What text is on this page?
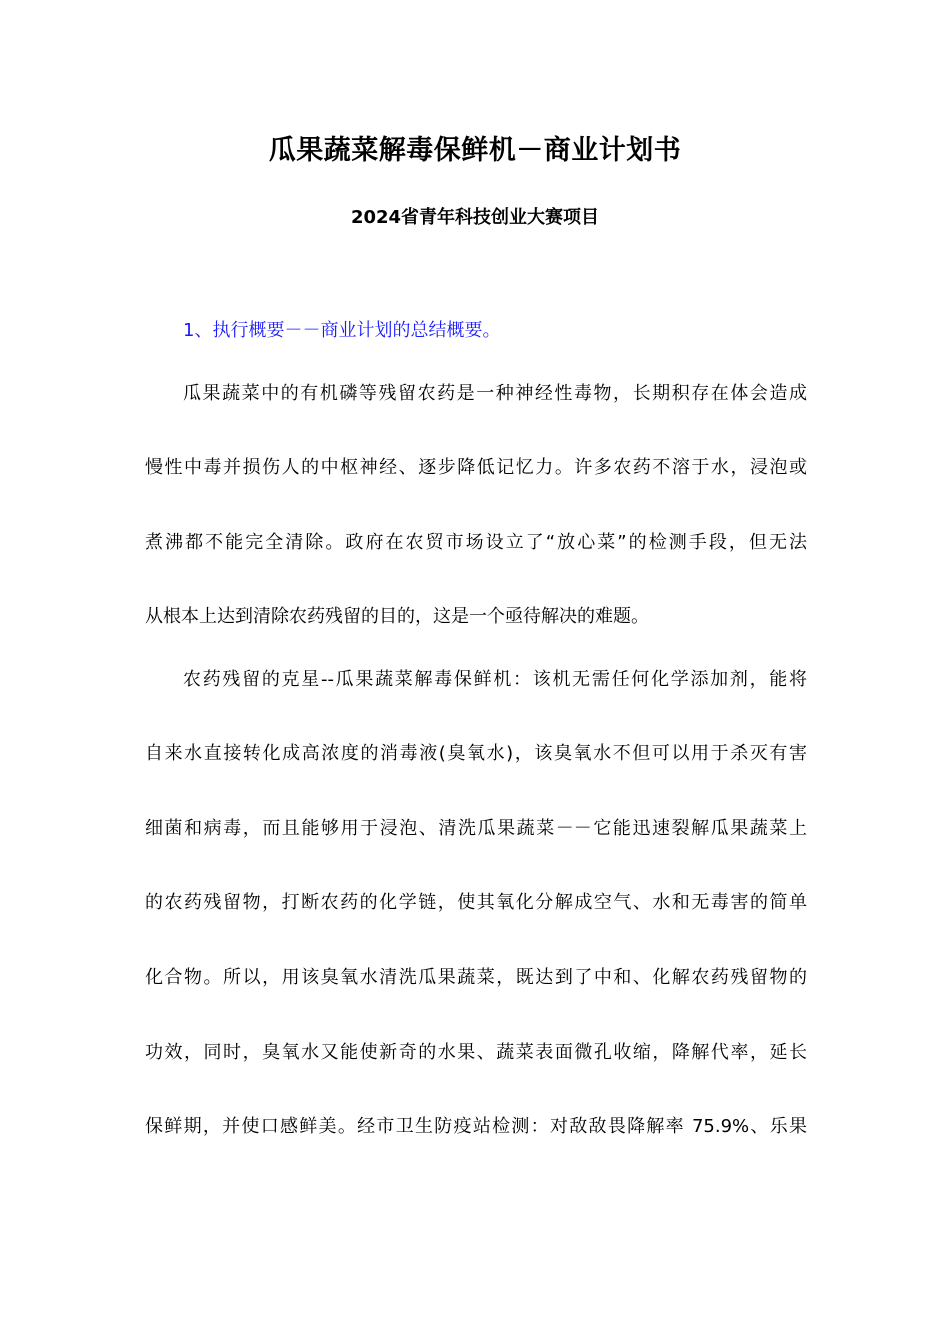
瓜果蔬菜解毒保鲜机－商业计划书
2024省青年科技创业大赛项目
1、执行概要－－商业计划的总结概要。
瓜果蔬菜中的有机磷等残留农药是一种神经性毒物，长期积存在体会造成
慢性中毒并损伤人的中枢神经、逐步降低记忆力。许多农药不溶于水，浸泡或
煮沸都不能完全清除。政府在农贸市场设立了“放心菜”的检测手段，但无法
从根本上达到清除农药残留的目的，这是一个亟待解决的难题。
农药残留的克星--瓜果蔬菜解毒保鲜机：该机无需任何化学添加剂，能将
自来水直接转化成高浓度的消毒液(臭氧水)，该臭氧水不但可以用于杀灭有害
细菌和病毒，而且能够用于浸泡、清洗瓜果蔬菜－－它能迅速裂解瓜果蔬菜上
的农药残留物，打断农药的化学链，使其氧化分解成空气、水和无毒害的简单
化合物。所以，用该臭氧水清洗瓜果蔬菜，既达到了中和、化解农药残留物的
功效，同时，臭氧水又能使新奇的水果、蔬菜表面微孔收缩，降解代率，延长
保鲜期，并使口感鲜美。经市卫生防疫站检测：对敌敌畏降解率 75.9%、乐果
